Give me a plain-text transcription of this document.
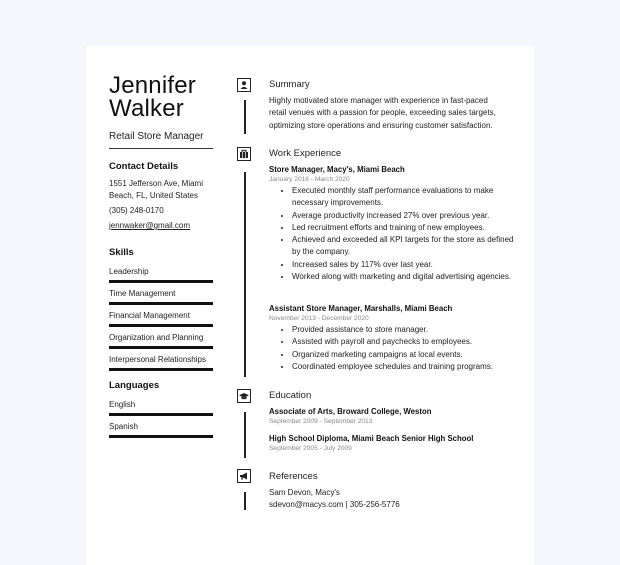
Jennifer
Walker
Retail Store Manager
Contact Details
1551 Jefferson Ave, Miami
Beach, FL, United States
(305) 248-0170
jennwaker@gmail.com
Skills
Leadership
Time Management
Financial Management
Organization and Planning
Interpersonal Relationships
Languages
English
Spanish
Summary
Highly motivated store manager with experience in fast-paced
retail venues with a passion for people, exceeding sales targets,
optimizing store operations and ensuring customer satisfaction.
Work Experience
Store Manager, Macy's, Miami Beach
January 2016 - March 2020
• Executed monthly staff performance evaluations to make necessary improvements.
• Average productivity increased 27% over previous year.
• Led recruitment efforts and training of new employees.
• Achieved and exceeded all KPI targets for the store as defined by the company.
• Increased sales by 117% over last year.
• Worked along with marketing and digital advertising agencies.
Assistant Store Manager, Marshalls, Miami Beach
November 2013 - December 2020
• Provided assistance to store manager.
• Assisted with payroll and paychecks to employees.
• Organized marketing campaigns at local events.
• Coordinated employee schedules and training programs.
Education
Associate of Arts, Broward College, Weston
September 2009 - September 2013
High School Diploma, Miami Beach Senior High School
September 2005 - July 2009
References
Sam Devon, Macy's
sdevon@macys.com | 305-256-5776
